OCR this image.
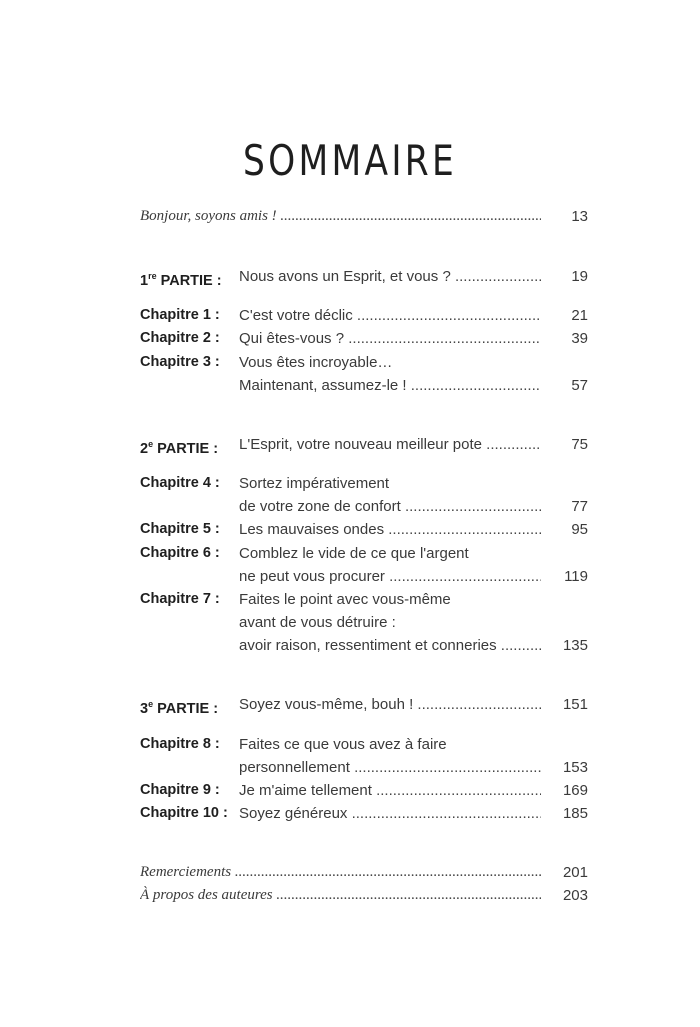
SOMMAIRE
Bonjour, soyons amis ! .....	13
1re PARTIE : Nous avons un Esprit, et vous ? .....	19
Chapitre 1 : C'est votre déclic .....	21
Chapitre 2 : Qui êtes-vous ? .....	39
Chapitre 3 : Vous êtes incroyable…
Maintenant, assumez-le ! .....	57
2e PARTIE : L'Esprit, votre nouveau meilleur pote .....	75
Chapitre 4 : Sortez impérativement
de votre zone de confort .....	77
Chapitre 5 : Les mauvaises ondes .....	95
Chapitre 6 : Comblez le vide de ce que l'argent
ne peut vous procurer .....	119
Chapitre 7 : Faites le point avec vous-même
avant de vous détruire :
avoir raison, ressentiment et conneries .....	135
3e PARTIE : Soyez vous-même, bouh ! .....	151
Chapitre 8 : Faites ce que vous avez à faire
personnellement .....	153
Chapitre 9 : Je m'aime tellement .....	169
Chapitre 10 : Soyez généreux .....	185
Remerciements .....	201
À propos des auteures .....	203
